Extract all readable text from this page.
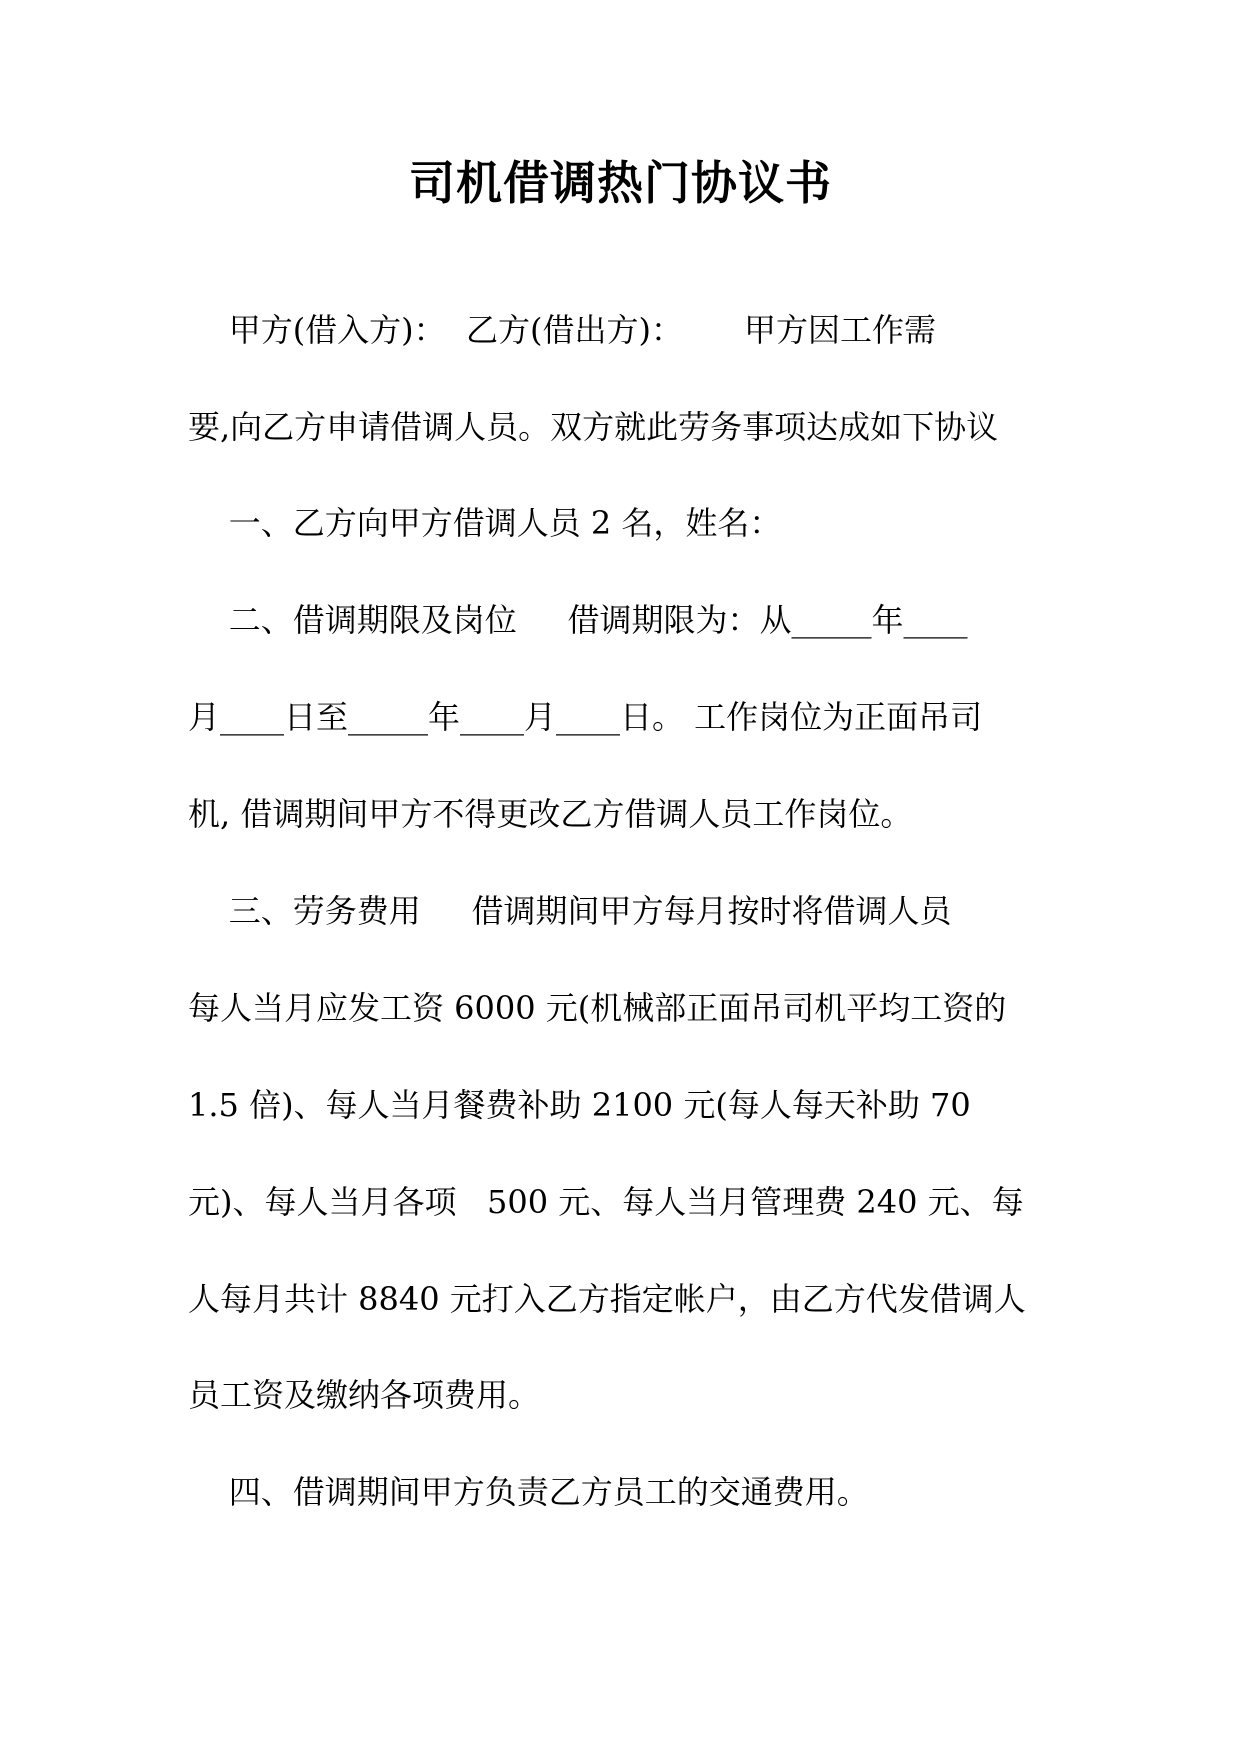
司机借调热门协议书

甲方(借入方)：  乙方(借出方)：      甲方因工作需

要,向乙方申请借调人员。双方就此劳务事项达成如下协议

一、乙方向甲方借调人员 2 名，姓名：

二、借调期限及岗位     借调期限为：从_____年____

月____日至_____年____月____日。 工作岗位为正面吊司

机, 借调期间甲方不得更改乙方借调人员工作岗位。

三、劳务费用     借调期间甲方每月按时将借调人员

每人当月应发工资 6000 元(机械部正面吊司机平均工资的

1.5 倍)、每人当月餐费补助 2100 元(每人每天补助 70

元)、每人当月各项   500 元、每人当月管理费 240 元、每

人每月共计 8840 元打入乙方指定帐户，由乙方代发借调人

员工资及缴纳各项费用。

四、借调期间甲方负责乙方员工的交通费用。
